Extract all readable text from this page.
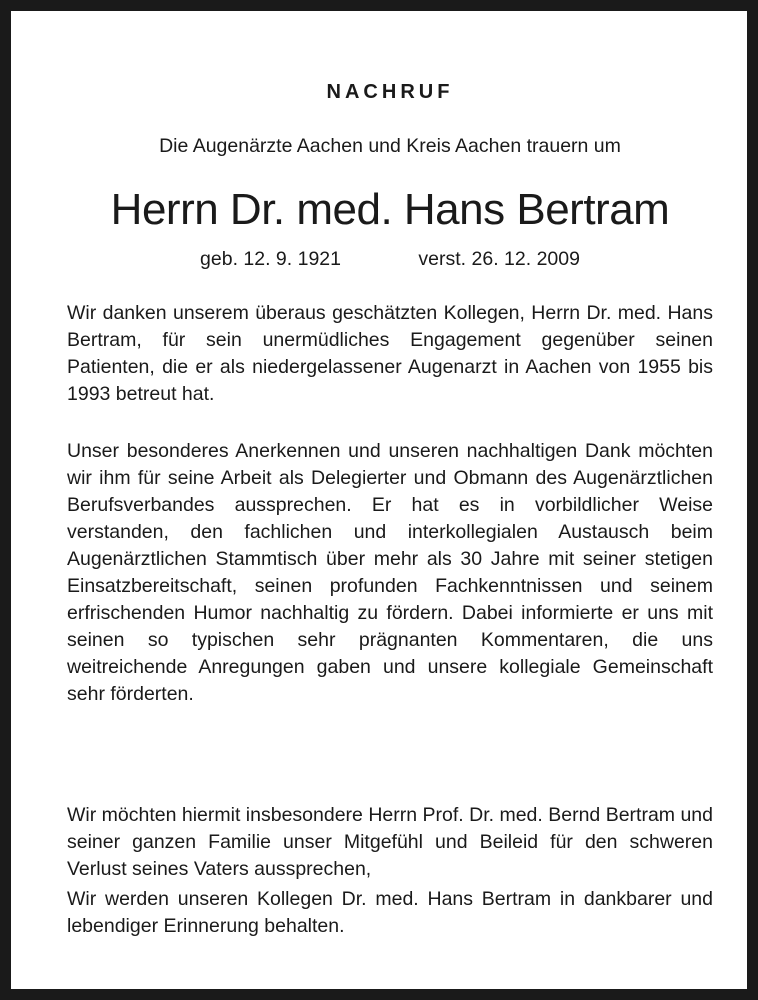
NACHRUF
Die Augenärzte Aachen und Kreis Aachen trauern um
Herrn Dr. med. Hans Bertram
geb. 12. 9. 1921	verst. 26. 12. 2009
Wir danken unserem überaus geschätzten Kollegen, Herrn Dr. med. Hans Bertram, für sein unermüdliches Engagement gegenüber seinen Patienten, die er als niedergelassener Augenarzt in Aachen von 1955 bis 1993 betreut hat.
Unser besonderes Anerkennen und unseren nachhaltigen Dank möchten wir ihm für seine Arbeit als Delegierter und Obmann des Augenärztlichen Berufsverbandes aussprechen. Er hat es in vorbildlicher Weise verstanden, den fachlichen und interkollegialen Austausch beim Augenärztlichen Stammtisch über mehr als 30 Jahre mit seiner stetigen Einsatzbereitschaft, seinen profunden Fachkenntnissen und seinem erfrischenden Humor nachhaltig zu fördern. Dabei informierte er uns mit seinen so typischen sehr prägnanten Kommentaren, die uns weitreichende Anregungen gaben und unsere kollegiale Gemeinschaft sehr förderten.
Wir möchten hiermit insbesondere Herrn Prof. Dr. med. Bernd Bertram und seiner ganzen Familie unser Mitgefühl und Beileid für den schweren Verlust seines Vaters aussprechen,
Wir werden unseren Kollegen Dr. med. Hans Bertram in dankbarer und lebendiger Erinnerung behalten.
